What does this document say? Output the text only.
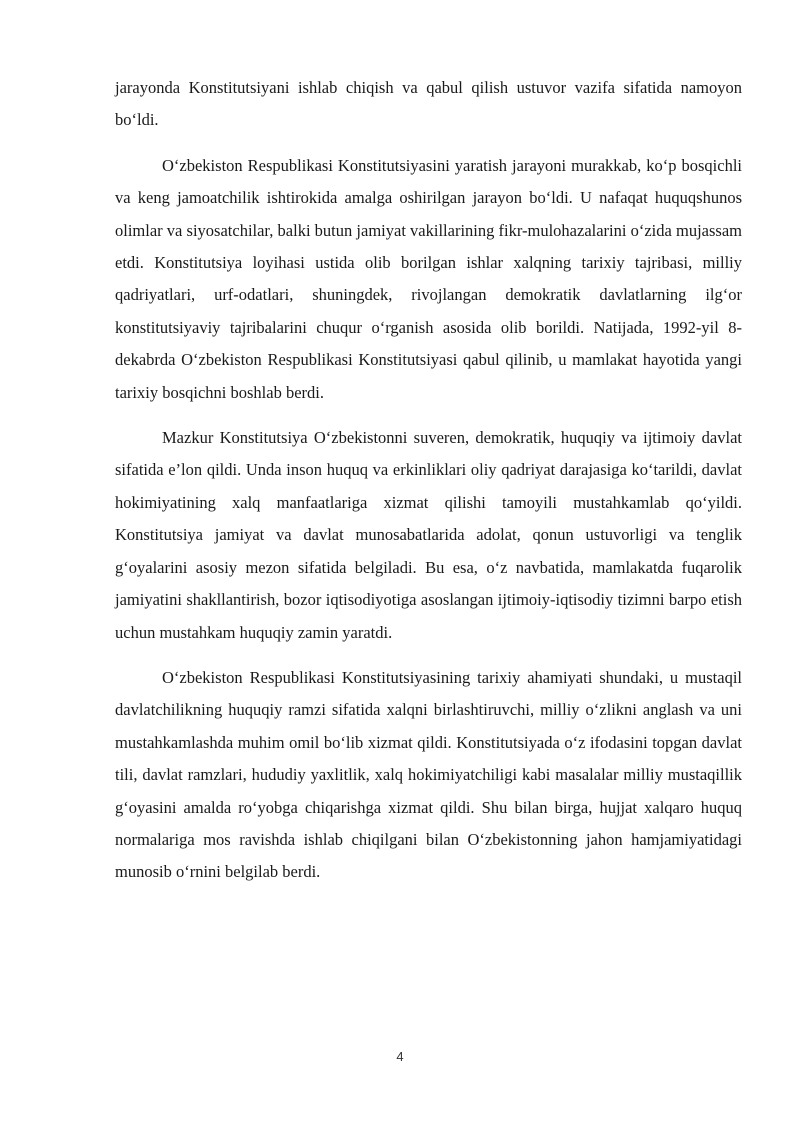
jarayonda Konstitutsiyani ishlab chiqish va qabul qilish ustuvor vazifa sifatida namoyon bo‘ldi.

O‘zbekiston Respublikasi Konstitutsiyasini yaratish jarayoni murakkab, ko‘p bosqichli va keng jamoatchilik ishtirokida amalga oshirilgan jarayon bo‘ldi. U nafaqat huquqshunos olimlar va siyosatchilar, balki butun jamiyat vakillarining fikr-mulohazalarini o‘zida mujassam etdi. Konstitutsiya loyihasi ustida olib borilgan ishlar xalqning tarixiy tajribasi, milliy qadriyatlari, urf-odatlari, shuningdek, rivojlangan demokratik davlatlarning ilg‘or konstitutsiyaviy tajribalarini chuqur o‘rganish asosida olib borildi. Natijada, 1992-yil 8-dekabrda O‘zbekiston Respublikasi Konstitutsiyasi qabul qilinib, u mamlakat hayotida yangi tarixiy bosqichni boshlab berdi.

Mazkur Konstitutsiya O‘zbekistonni suveren, demokratik, huquqiy va ijtimoiy davlat sifatida e’lon qildi. Unda inson huquq va erkinliklari oliy qadriyat darajasiga ko‘tarildi, davlat hokimiyatining xalq manfaatlariga xizmat qilishi tamoyili mustahkamlab qo‘yildi. Konstitutsiya jamiyat va davlat munosabatlarida adolat, qonun ustuvorligi va tenglik g‘oyalarini asosiy mezon sifatida belgiladi. Bu esa, o‘z navbatida, mamlakatda fuqarolik jamiyatini shakllantirish, bozor iqtisodiyotiga asoslangan ijtimoiy-iqtisodiy tizimni barpo etish uchun mustahkam huquqiy zamin yaratdi.

O‘zbekiston Respublikasi Konstitutsiyasining tarixiy ahamiyati shundaki, u mustaqil davlatchilikning huquqiy ramzi sifatida xalqni birlashtiruvchi, milliy o‘zlikni anglash va uni mustahkamlashda muhim omil bo‘lib xizmat qildi. Konstitutsiyada o‘z ifodasini topgan davlat tili, davlat ramzlari, hududiy yaxlitlik, xalq hokimiyatchiligi kabi masalalar milliy mustaqillik g‘oyasini amalda ro‘yobga chiqarishga xizmat qildi. Shu bilan birga, hujjat xalqaro huquq normalariga mos ravishda ishlab chiqilgani bilan O‘zbekistonning jahon hamjamiyatidagi munosib o‘rnini belgilab berdi.

4
